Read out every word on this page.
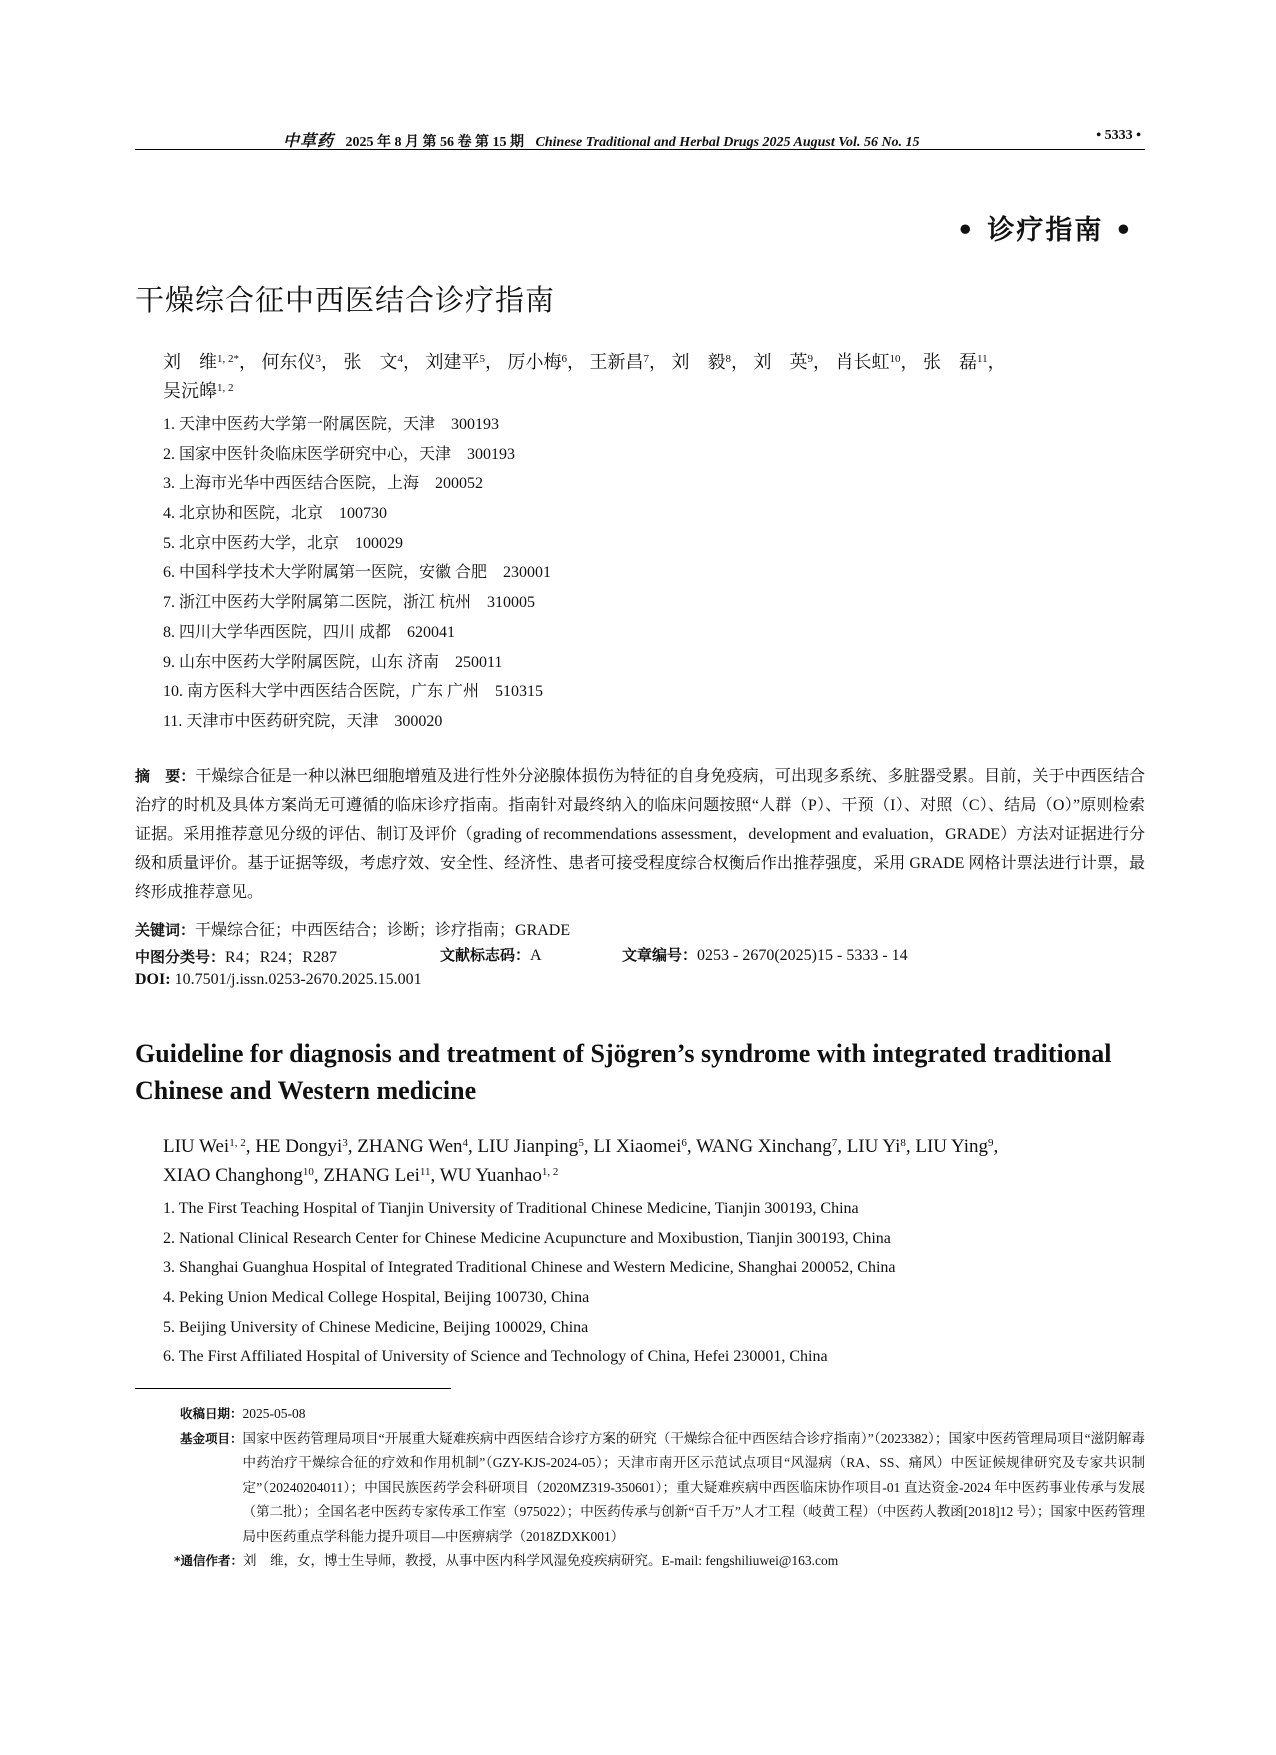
中草药 2025 年 8 月 第 56 卷 第 15 期 Chinese Traditional and Herbal Drugs 2025 August Vol. 56 No. 15	• 5333 •
• 诊疗指南 •
干燥综合征中西医结合诊疗指南
刘　维$^{1, 2*}$， 何东仪$^3$， 张　文$^4$， 刘建平$^5$， 厉小梅$^6$， 王新昌$^7$， 刘　毅$^8$， 刘　英$^9$， 肖长虹$^{10}$， 张　磊$^{11}$，
吴沅皞$^{1, 2}$
1. 天津中医药大学第一附属医院，天津　300193
2. 国家中医针灸临床医学研究中心，天津　300193
3. 上海市光华中西医结合医院，上海　200052
4. 北京协和医院，北京　100730
5. 北京中医药大学，北京　100029
6. 中国科学技术大学附属第一医院，安徽 合肥　230001
7. 浙江中医药大学附属第二医院，浙江 杭州　310005
8. 四川大学华西医院，四川 成都　620041
9. 山东中医药大学附属医院，山东 济南　250011
10. 南方医科大学中西医结合医院，广东 广州　510315
11. 天津市中医药研究院，天津　300020

摘　要：干燥综合征是一种以淋巴细胞增殖及进行性外分泌腺体损伤为特征的自身免疫病，可出现多系统、多脏器受累。目前，关于中西医结合治疗的时机及具体方案尚无可遵循的临床诊疗指南。指南针对最终纳入的临床问题按照“人群（P）、干预（I）、对照（C）、结局（O）”原则检索证据。采用推荐意见分级的评估、制订及评价（grading of recommendations assessment，development and evaluation，GRADE）方法对证据进行分级和质量评价。基于证据等级，考虑疗效、安全性、经济性、患者可接受程度综合权衡后作出推荐强度，采用 GRADE 网格计票法进行计票，最终形成推荐意见。

关键词：干燥综合征；中西医结合；诊断；诊疗指南；GRADE
中图分类号：R4；R24；R287	文献标志码：A	文章编号：0253 - 2670(2025)15 - 5333 - 14
DOI: 10.7501/j.issn.0253-2670.2025.15.001
Guideline for diagnosis and treatment of Sjögren’s syndrome with integrated traditional Chinese and Western medicine
LIU Wei$^{1, 2}$, HE Dongyi$^3$, ZHANG Wen$^4$, LIU Jianping$^5$, LI Xiaomei$^6$, WANG Xinchang$^7$, LIU Yi$^8$, LIU Ying$^9$,
XIAO Changhong$^{10}$, ZHANG Lei$^{11}$, WU Yuanhao$^{1, 2}$
1. The First Teaching Hospital of Tianjin University of Traditional Chinese Medicine, Tianjin 300193, China
2. National Clinical Research Center for Chinese Medicine Acupuncture and Moxibustion, Tianjin 300193, China
3. Shanghai Guanghua Hospital of Integrated Traditional Chinese and Western Medicine, Shanghai 200052, China
4. Peking Union Medical College Hospital, Beijing 100730, China
5. Beijing University of Chinese Medicine, Beijing 100029, China
6. The First Affiliated Hospital of University of Science and Technology of China, Hefei 230001, China
收稿日期： 2025-05-08
基金项目： 国家中医药管理局项目“开展重大疑难疾病中西医结合诊疗方案的研究（干燥综合征中西医结合诊疗指南）”（2023382）；国家中医药管理局项目“滋阴解毒中药治疗干燥综合征的疗效和作用机制”（GZY-KJS-2024-05）；天津市南开区示范试点项目“风湿病（RA、SS、痛风）中医证候规律研究及专家共识制定”（20240204011）；中国民族医药学会科研项目（2020MZ319-350601）；重大疑难疾病中西医临床协作项目-01 直达资金-2024 年中医药事业传承与发展（第二批）；全国名老中医药专家传承工作室（975022）；中医药传承与创新“百千万”人才工程（岐黄工程）（中医药人教函[2018]12 号）；国家中医药管理局中医药重点学科能力提升项目—中医痹病学（2018ZDXK001）
*通信作者： 刘　维，女，博士生导师，教授，从事中医内科学风湿免疫疾病研究。E-mail: fengshiliuwei@163.com
